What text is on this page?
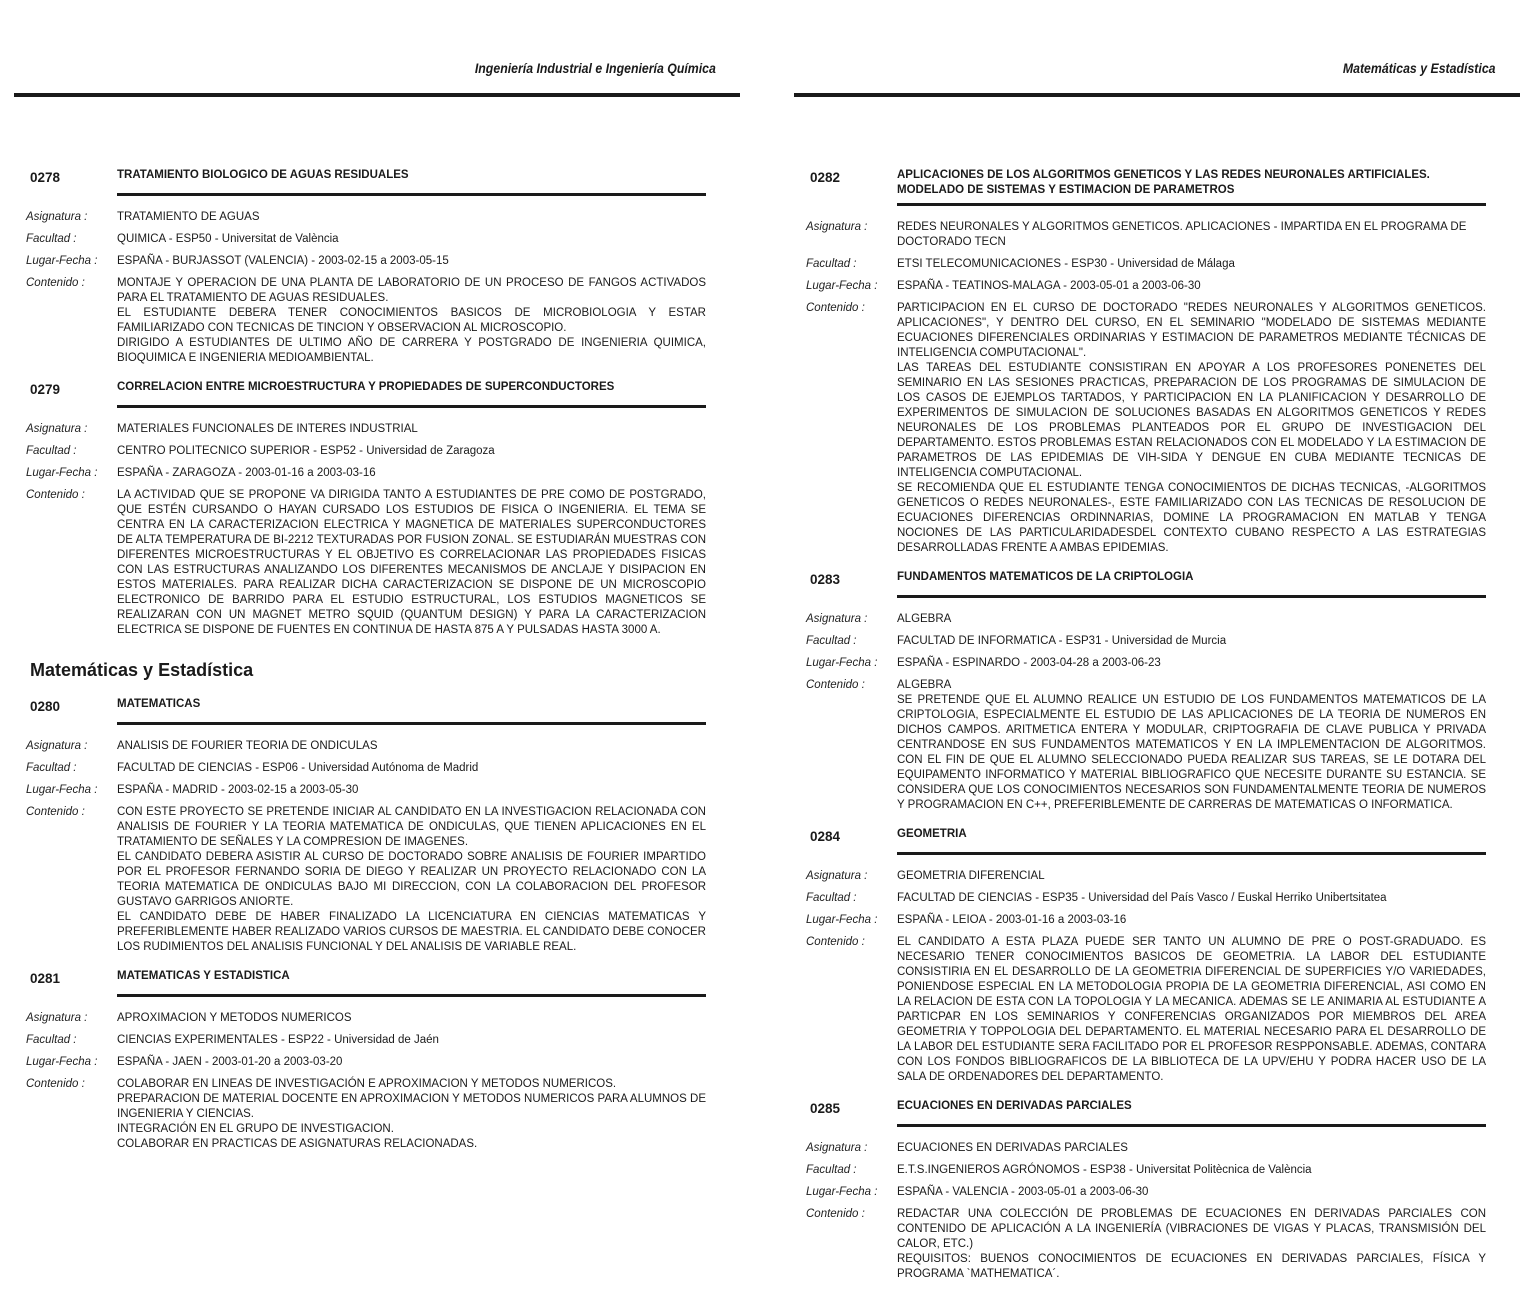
Ingeniería Industrial e Ingeniería Química
0278	TRATAMIENTO BIOLOGICO DE AGUAS RESIDUALES
Asignatura :	TRATAMIENTO DE AGUAS
Facultad :	QUIMICA - ESP50 - Universitat de València
Lugar-Fecha :	ESPAÑA - BURJASSOT (VALENCIA) - 2003-02-15 a 2003-05-15
Contenido :	MONTAJE Y OPERACION DE UNA PLANTA DE LABORATORIO DE UN PROCESO DE FANGOS ACTIVADOS PARA EL TRATAMIENTO DE AGUAS RESIDUALES.
EL ESTUDIANTE DEBERA TENER CONOCIMIENTOS BASICOS DE MICROBIOLOGIA Y ESTAR FAMILIARIZADO CON TECNICAS DE TINCION Y OBSERVACION AL MICROSCOPIO.
DIRIGIDO A ESTUDIANTES DE ULTIMO AÑO DE CARRERA Y POSTGRADO DE INGENIERIA QUIMICA, BIOQUIMICA E INGENIERIA MEDIOAMBIENTAL.
0279	CORRELACION ENTRE MICROESTRUCTURA Y PROPIEDADES DE SUPERCONDUCTORES
Asignatura :	MATERIALES FUNCIONALES DE INTERES INDUSTRIAL
Facultad :	CENTRO POLITECNICO SUPERIOR - ESP52 - Universidad de Zaragoza
Lugar-Fecha :	ESPAÑA - ZARAGOZA - 2003-01-16 a 2003-03-16
Contenido :	LA ACTIVIDAD QUE SE PROPONE VA DIRIGIDA TANTO A ESTUDIANTES DE PRE COMO DE POSTGRADO, QUE ESTÉN CURSANDO O HAYAN CURSADO LOS ESTUDIOS DE FISICA O INGENIERIA. EL TEMA SE CENTRA EN LA CARACTERIZACION ELECTRICA Y MAGNETICA DE MATERIALES SUPERCONDUCTORES DE ALTA TEMPERATURA DE BI-2212 TEXTURADAS POR FUSION ZONAL. SE ESTUDIARÁN MUESTRAS CON DIFERENTES MICROESTRUCTURAS Y EL OBJETIVO ES CORRELACIONAR LAS PROPIEDADES FISICAS CON LAS ESTRUCTURAS ANALIZANDO LOS DIFERENTES MECANISMOS DE ANCLAJE Y DISIPACION EN ESTOS MATERIALES. PARA REALIZAR DICHA CARACTERIZACION SE DISPONE DE UN MICROSCOPIO ELECTRONICO DE BARRIDO PARA EL ESTUDIO ESTRUCTURAL, LOS ESTUDIOS MAGNETICOS SE REALIZARAN CON UN MAGNET METRO SQUID (QUANTUM DESIGN) Y PARA LA CARACTERIZACION ELECTRICA SE DISPONE DE FUENTES EN CONTINUA DE HASTA 875 A Y PULSADAS HASTA 3000 A.
Matemáticas y Estadística
0280	MATEMATICAS
Asignatura :	ANALISIS DE FOURIER TEORIA DE ONDICULAS
Facultad :	FACULTAD DE CIENCIAS - ESP06 - Universidad Autónoma de Madrid
Lugar-Fecha :	ESPAÑA - MADRID - 2003-02-15 a 2003-05-30
Contenido :	CON ESTE PROYECTO SE PRETENDE INICIAR AL CANDIDATO EN LA INVESTIGACION RELACIONADA CON ANALISIS DE FOURIER Y LA TEORIA MATEMATICA DE ONDICULAS, QUE TIENEN APLICACIONES EN EL TRATAMIENTO DE SEÑALES Y LA COMPRESION DE IMAGENES.
EL CANDIDATO DEBERA ASISTIR AL CURSO DE DOCTORADO SOBRE ANALISIS DE FOURIER IMPARTIDO POR EL PROFESOR FERNANDO SORIA DE DIEGO Y REALIZAR UN PROYECTO RELACIONADO CON LA TEORIA MATEMATICA DE ONDICULAS BAJO MI DIRECCION, CON LA COLABORACION DEL PROFESOR GUSTAVO GARRIGOS ANIORTE.
EL CANDIDATO DEBE DE HABER FINALIZADO LA LICENCIATURA EN CIENCIAS MATEMATICAS Y PREFERIBLEMENTE HABER REALIZADO VARIOS CURSOS DE MAESTRIA. EL CANDIDATO DEBE CONOCER LOS RUDIMIENTOS DEL ANALISIS FUNCIONAL Y DEL ANALISIS DE VARIABLE REAL.
0281	MATEMATICAS Y ESTADISTICA
Asignatura :	APROXIMACION Y METODOS NUMERICOS
Facultad :	CIENCIAS EXPERIMENTALES - ESP22 - Universidad de Jaén
Lugar-Fecha :	ESPAÑA - JAEN - 2003-01-20 a 2003-03-20
Contenido :	COLABORAR EN LINEAS DE INVESTIGACIÓN E APROXIMACION Y METODOS NUMERICOS.
PREPARACION DE MATERIAL DOCENTE EN APROXIMACION Y METODOS NUMERICOS PARA ALUMNOS DE INGENIERIA Y CIENCIAS.
INTEGRACIÓN EN EL GRUPO DE INVESTIGACION.
COLABORAR EN PRACTICAS DE ASIGNATURAS RELACIONADAS.
Matemáticas y Estadística
0282	APLICACIONES DE LOS ALGORITMOS GENETICOS Y LAS REDES NEURONALES ARTIFICIALES. MODELADO DE SISTEMAS Y ESTIMACION DE PARAMETROS
Asignatura :	REDES NEURONALES Y ALGORITMOS GENETICOS. APLICACIONES - IMPARTIDA EN EL PROGRAMA DE DOCTORADO TECN
Facultad :	ETSI TELECOMUNICACIONES - ESP30 - Universidad de Málaga
Lugar-Fecha :	ESPAÑA - TEATINOS-MALAGA - 2003-05-01 a 2003-06-30
Contenido :	PARTICIPACION EN EL CURSO DE DOCTORADO "REDES NEURONALES Y ALGORITMOS GENETICOS. APLICACIONES", Y DENTRO DEL CURSO, EN EL SEMINARIO "MODELADO DE SISTEMAS MEDIANTE ECUACIONES DIFERENCIALES ORDINARIAS Y ESTIMACION DE PARAMETROS MEDIANTE TÉCNICAS DE INTELIGENCIA COMPUTACIONAL".
LAS TAREAS DEL ESTUDIANTE CONSISTIRAN EN APOYAR A LOS PROFESORES PONENETES DEL SEMINARIO EN LAS SESIONES PRACTICAS, PREPARACION DE LOS PROGRAMAS DE SIMULACION DE LOS CASOS DE EJEMPLOS TARTADOS, Y PARTICIPACION EN LA PLANIFICACION Y DESARROLLO DE EXPERIMENTOS DE SIMULACION DE SOLUCIONES BASADAS EN ALGORITMOS GENETICOS Y REDES NEURONALES DE LOS PROBLEMAS PLANTEADOS POR EL GRUPO DE INVESTIGACION DEL DEPARTAMENTO. ESTOS PROBLEMAS ESTAN RELACIONADOS CON EL MODELADO Y LA ESTIMACION DE PARAMETROS DE LAS EPIDEMIAS DE VIH-SIDA Y DENGUE EN CUBA MEDIANTE TECNICAS DE INTELIGENCIA COMPUTACIONAL.
SE RECOMIENDA QUE EL ESTUDIANTE TENGA CONOCIMIENTOS DE DICHAS TECNICAS, -ALGORITMOS GENETICOS O REDES NEURONALES-, ESTE FAMILIARIZADO CON LAS TECNICAS DE RESOLUCION DE ECUACIONES DIFERENCIAS ORDINNARIAS, DOMINE LA PROGRAMACION EN MATLAB Y TENGA NOCIONES DE LAS PARTICULARIDADESDEL CONTEXTO CUBANO RESPECTO A LAS ESTRATEGIAS DESARROLLADAS FRENTE A AMBAS EPIDEMIAS.
0283	FUNDAMENTOS MATEMATICOS DE LA CRIPTOLOGIA
Asignatura :	ALGEBRA
Facultad :	FACULTAD DE INFORMATICA - ESP31 - Universidad de Murcia
Lugar-Fecha :	ESPAÑA - ESPINARDO - 2003-04-28 a 2003-06-23
Contenido :	ALGEBRA
SE PRETENDE QUE EL ALUMNO REALICE UN ESTUDIO DE LOS FUNDAMENTOS MATEMATICOS DE LA CRIPTOLOGIA, ESPECIALMENTE EL ESTUDIO DE LAS APLICACIONES DE LA TEORIA DE NUMEROS EN DICHOS CAMPOS. ARITMETICA ENTERA Y MODULAR, CRIPTOGRAFIA DE CLAVE PUBLICA Y PRIVADA CENTRANDOSE EN SUS FUNDAMENTOS MATEMATICOS Y EN LA IMPLEMENTACION DE ALGORITMOS. CON EL FIN DE QUE EL ALUMNO SELECCIONADO PUEDA REALIZAR SUS TAREAS, SE LE DOTARA DEL EQUIPAMENTO INFORMATICO Y MATERIAL BIBLIOGRAFICO QUE NECESITE DURANTE SU ESTANCIA. SE CONSIDERA QUE LOS CONOCIMIENTOS NECESARIOS SON FUNDAMENTALMENTE TEORIA DE NUMEROS Y PROGRAMACION EN C++, PREFERIBLEMENTE DE CARRERAS DE MATEMATICAS O INFORMATICA.
0284	GEOMETRIA
Asignatura :	GEOMETRIA DIFERENCIAL
Facultad :	FACULTAD DE CIENCIAS - ESP35 - Universidad del País Vasco / Euskal Herriko Unibertsitatea
Lugar-Fecha :	ESPAÑA - LEIOA - 2003-01-16 a 2003-03-16
Contenido :	EL CANDIDATO A ESTA PLAZA PUEDE SER TANTO UN ALUMNO DE PRE O POST-GRADUADO. ES NECESARIO TENER CONOCIMIENTOS BASICOS DE GEOMETRIA. LA LABOR DEL ESTUDIANTE CONSISTIRIA EN EL DESARROLLO DE LA GEOMETRIA DIFERENCIAL DE SUPERFICIES Y/O VARIEDADES, PONIENDOSE ESPECIAL EN LA METODOLOGIA PROPIA DE LA GEOMETRIA DIFERENCIAL, ASI COMO EN LA RELACION DE ESTA CON LA TOPOLOGIA Y LA MECANICA. ADEMAS SE LE ANIMARIA AL ESTUDIANTE A PARTICPAR EN LOS SEMINARIOS Y CONFERENCIAS ORGANIZADOS POR MIEMBROS DEL AREA GEOMETRIA Y TOPPOLOGIA DEL DEPARTAMENTO. EL MATERIAL NECESARIO PARA EL DESARROLLO DE LA LABOR DEL ESTUDIANTE SERA FACILITADO POR EL PROFESOR RESPPONSABLE. ADEMAS, CONTARA CON LOS FONDOS BIBLIOGRAFICOS DE LA BIBLIOTECA DE LA UPV/EHU Y PODRA HACER USO DE LA SALA DE ORDENADORES DEL DEPARTAMENTO.
0285	ECUACIONES EN DERIVADAS PARCIALES
Asignatura :	ECUACIONES EN DERIVADAS PARCIALES
Facultad :	E.T.S.INGENIEROS AGRÓNOMOS - ESP38 - Universitat Politècnica de València
Lugar-Fecha :	ESPAÑA - VALENCIA - 2003-05-01 a 2003-06-30
Contenido :	REDACTAR UNA COLECCIÓN DE PROBLEMAS DE ECUACIONES EN DERIVADAS PARCIALES CON CONTENIDO DE APLICACIÓN A LA INGENIERÍA (VIBRACIONES DE VIGAS Y PLACAS, TRANSMISIÓN DEL CALOR, ETC.)
REQUISITOS: BUENOS CONOCIMIENTOS DE ECUACIONES EN DERIVADAS PARCIALES, FÍSICA Y PROGRAMA `MATHEMATICA´.
